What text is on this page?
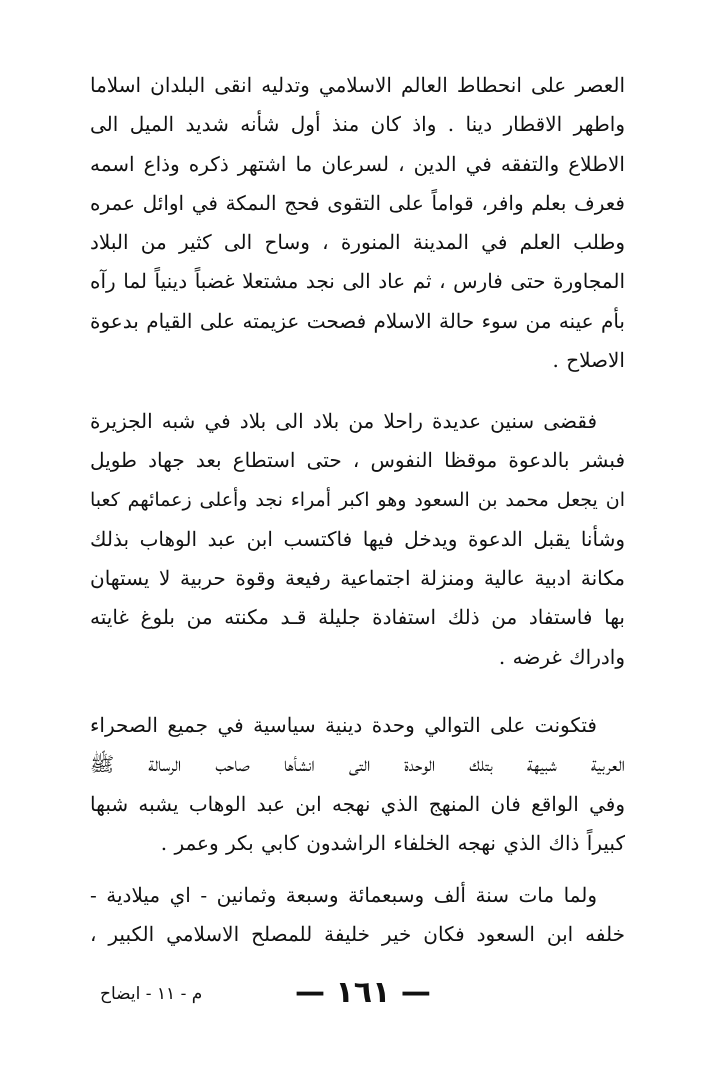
العصر على انحطاط العالم الاسلامي وتدليه انقى البلدان اسلاما
واطهر الاقطار دينا . واذ كان منذ أول شأنه شديد الميل الى
الاطلاع والتفقه في الدين ، لسرعان ما اشتهر ذكره وذاع اسمه
فعرف بعلم وافر، قواماً على التقوى فحج الىمكة في اوائل عمره
وطلب العلم في المدينة المنورة ، وساح الى كثير من البلاد
المجاورة حتى فارس ، ثم عاد الى نجد مشتعلا غضباً دينياً لما رآه
بأم عينه من سوء حالة الاسلام فصحت عزيمته على القيام بدعوة
الاصلاح .
فقضى سنين عديدة راحلا من بلاد الى بلاد في شبه الجزيرة
فبشر بالدعوة موقظا النفوس ، حتى استطاع بعد جهاد طويل
ان يجعل محمد بن السعود وهو اكبر أمراء نجد وأعلى زعمائهم كعبا
وشأنا يقبل الدعوة ويدخل فيها فاكتسب ابن عبد الوهاب بذلك
مكانة ادبية عالية ومنزلة اجتماعية رفيعة وقوة حربية لا يستهان
بها فاستفاد من ذلك استفادة جليلة قـد مكنته من بلوغ غايته
وادراك غرضه .
فتكونت على التوالي وحدة دينية سياسية في جميع الصحراء
العربية شبيهة بتلك الوحدة التى انشأها صاحب الرسالة ﷺ
وفي الواقع فان المنهج الذي نهجه ابن عبد الوهاب يشبه شبها
كبيراً ذاك الذي نهجه الخلفاء الراشدون كابي بكر وعمر .
ولما مات سنة ألف وسبعمائة وسبعة وثمانين - اي ميلادية -
خلفه ابن السعود فكان خير خليفة للمصلح الاسلامي الكبير ،
م - ١١ - ايضاح	— ١٦١ —
